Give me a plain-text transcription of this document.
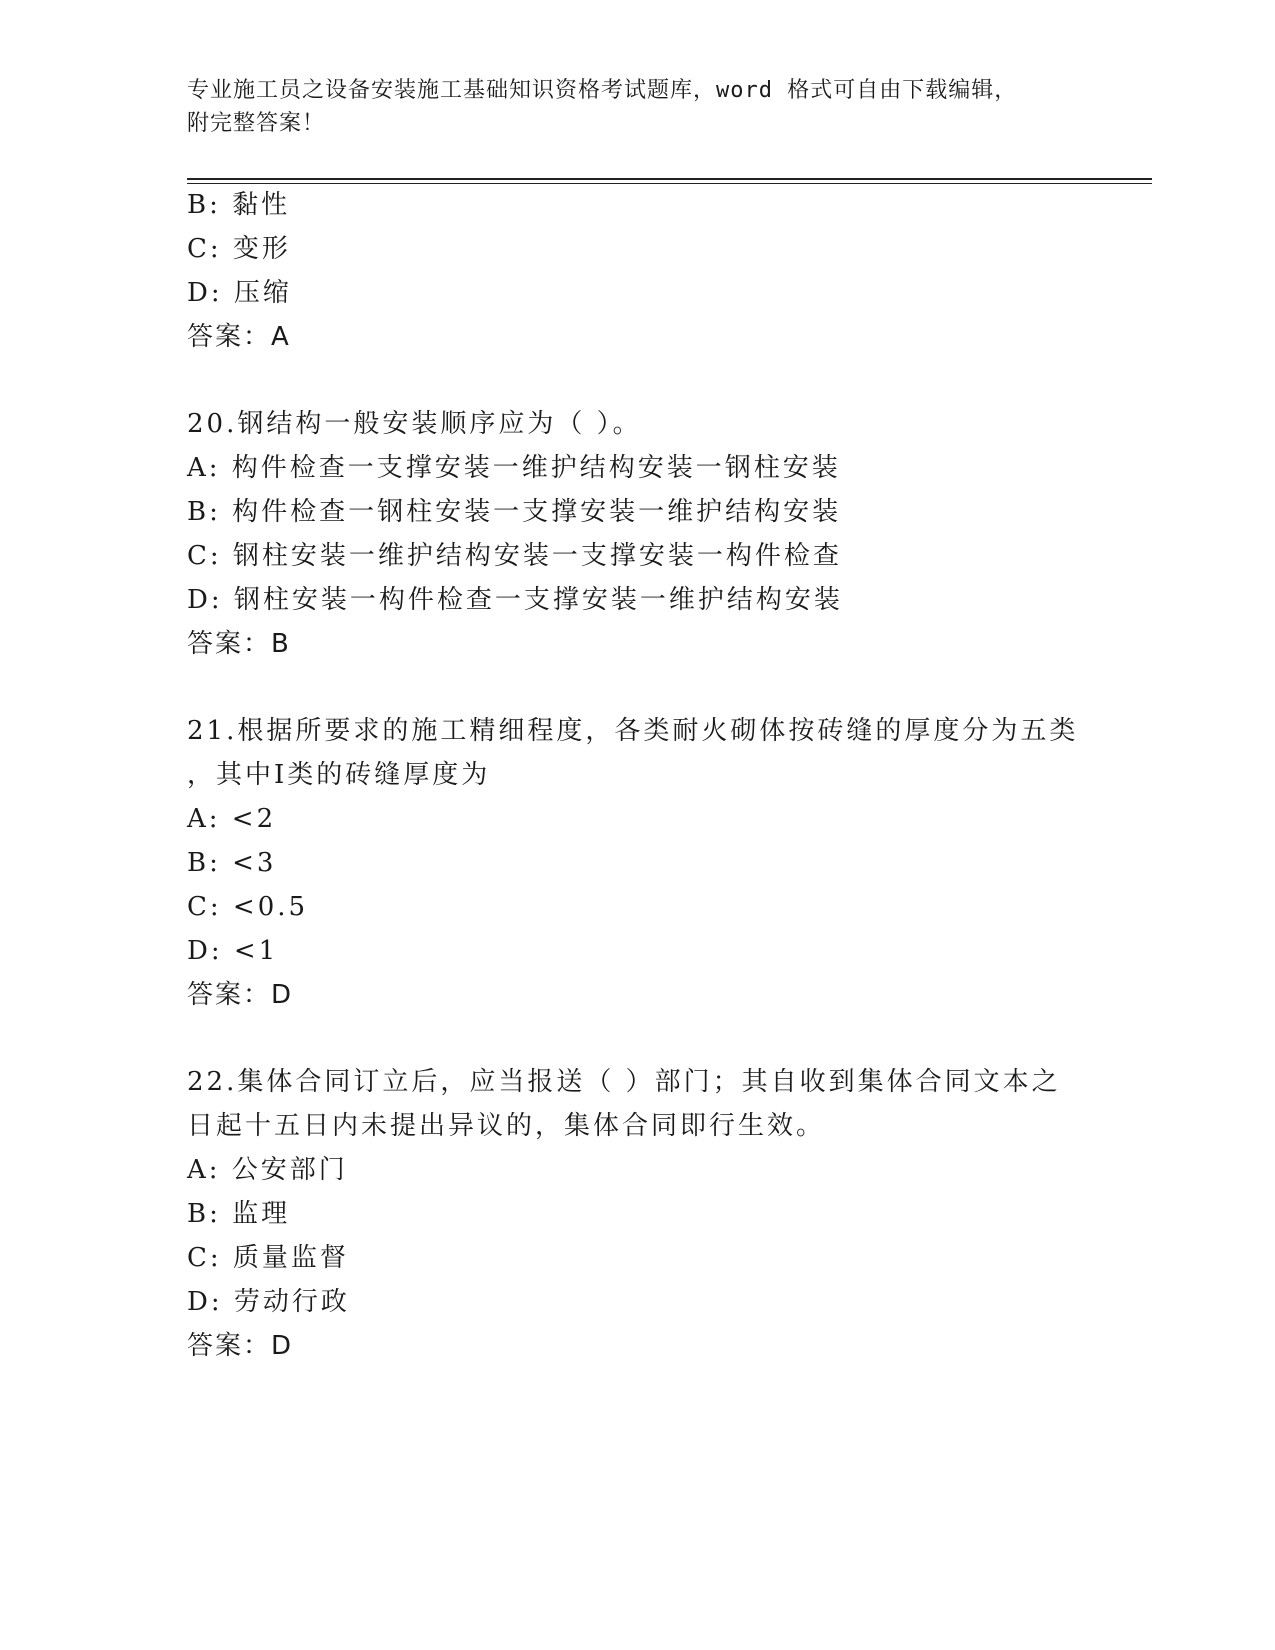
专业施工员之设备安装施工基础知识资格考试题库，word 格式可自由下载编辑，
附完整答案！
B: 黏性
C: 变形
D: 压缩
答案：A
20.钢结构一般安装顺序应为（ ）。
A: 构件检查一支撑安装一维护结构安装一钢柱安装
B: 构件检查一钢柱安装一支撑安装一维护结构安装
C: 钢柱安装一维护结构安装一支撑安装一构件检查
D: 钢柱安装一构件检查一支撑安装一维护结构安装
答案：B
21.根据所要求的施工精细程度，各类耐火砌体按砖缝的厚度分为五类
，其中Ⅰ类的砖缝厚度为
A: <2
B: <3
C: <0.5
D: <1
答案：D
22.集体合同订立后，应当报送（ ）部门；其自收到集体合同文本之
日起十五日内未提出异议的，集体合同即行生效。
A: 公安部门
B: 监理
C: 质量监督
D: 劳动行政
答案：D
